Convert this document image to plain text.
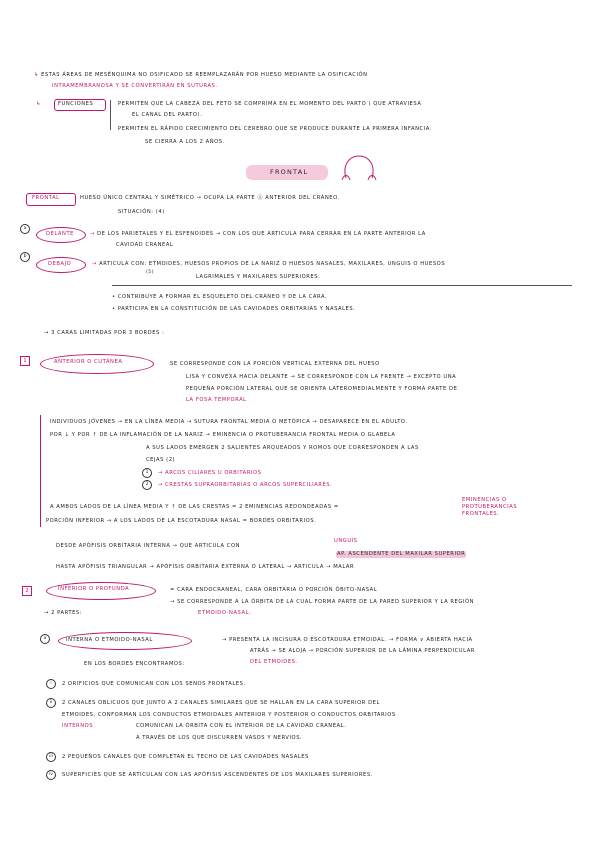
↳ ESTAS ÁREAS DE MESÉNQUIMA NO OSIFICADO SE REEMPLAZARÁN POR HUESO MEDIANTE LA OSIFICACIÓN
INTRAMEMBRANOSA Y SE CONVERTIRÁN EN SUTURAS.
↳	FUNCIONES	PERMITEN QUE LA CABEZA DEL FETO SE COMPRIMA EN EL MOMENTO DEL PARTO ( QUE ATRAVIESA
EL CANAL DEL PARTO).
PERMITEN EL RÁPIDO CRECIMIENTO DEL CEREBRO QUE SE PRODUCE DURANTE LA PRIMERA INFANCIA.
SE CIERRA A LOS 2 AÑOS.
FRONTAL
FRONTAL	HUESO ÚNICO CENTRAL Y SIMÉTRICO → OCUPA LA PARTE Ⓐ ANTERIOR DEL CRÁNEO.
SITUACIÓN: (4)
a
DELANTE	→ DE LOS PARIETALES Y EL ESFENOIDES → CON LOS QUE ARTICULA PARA CERRAR EN LA PARTE ANTERIOR LA
CAVIDAD CRANEAL
b
DEBAJO	→ ARTICULA CON: ETMOIDES, HUESOS PROPIOS DE LA NARIZ O HUESOS NASALES, MAXILARES, UNGUIS O HUESOS
(5)
LAGRIMALES Y MAXILARES SUPERIORES.
• CONTRIBUYE A FORMAR EL ESQUELETO DEL CRÁNEO Y DE LA CARA.
• PARTICIPA EN LA CONSTITUCIÓN DE LAS CAVIDADES ORBITARIAS Y NASALES.
→ 3 CARAS LIMITADAS POR 3 BORDES :
1	ANTERIOR O CUTÁNEA	SE CORRESPONDE CON LA PORCIÓN VERTICAL EXTERNA DEL HUESO
LISA Y CONVEXA HACIA DELANTE → SE CORRESPONDE CON LA FRENTE → EXCEPTO UNA
PEQUEÑA PORCIÓN LATERAL QUE SE ORIENTA LATEROMEDIALMENTE Y FORMA PARTE DE
LA FOSA TEMPORAL
INDIVIDUOS JÓVENES → EN LA LÍNEA MEDIA → SUTURA FRONTAL MEDIA O METÓPICA → DESAPARECE EN EL ADULTO.
POR ↓ Y POR ↑ DE LA INFLAMACIÓN DE LA NARIZ → EMINENCIA O PROTUBERANCIA FRONTAL MEDIA O GLABELA
A SUS LADOS EMERGEN 2 SALIENTES ARQUEADOS Y ROMOS QUE CORRESPONDEN A LAS
CEJAS (2)
1	→ ARCOS CILIARES U ORBITARIOS
2	→ CRESTAS SUPRAORBITARIAS O ARCOS SUPERCILIARES.
A AMBOS LADOS DE LA LÍNEA MEDIA Y ↑ DE LAS CRESTAS = 2 EMINENCIAS REDONDEADAS =
EMINENCIAS O PROTUBERANCIAS FRONTALES.
PORCIÓN INFERIOR → A LOS LADOS DE LA ESCOTADURA NASAL = BORDES ORBITARIOS.
DESDE APÓFISIS ORBITARIA INTERNA → QUE ARTICULA CON
UNGUIS
AP. ASCENDENTE DEL MAXILAR SUPERIOR
HASTA APÓFISIS TRIANGULAR → APÓFISIS ORBITARIA EXTERNA O LATERAL → ARTICULA → MALAR
2	INFERIOR O PROFUNDA	= CARA ENDOCRANEAL, CARA ORBITARIA O PORCIÓN ÓBITO-NASAL
→ SE CORRESPONDE A LA ÓRBITA DE LA CUAL FORMA PARTE DE LA PARED SUPERIOR Y LA REGIÓN
ETMOIDO-NASAL.
→ 2 PARTES:
a	INTERNA O ETMOIDO-NASAL	→ PRESENTA LA INCISURA O ESCOTADURA ETMOIDAL. → FORMA ∨ ABIERTA HACIA
ATRÁS → SE ALOJA → PORCIÓN SUPERIOR DE LA LÁMINA PERPENDICULAR
DEL ETMOIDES.
EN LOS BORDES ENCONTRAMOS:
i	2 ORIFICIOS QUE COMUNICAN CON LOS SENOS FRONTALES.
ii	2 CANALES OBLICUOS QUE JUNTO A 2 CANALES SIMILARES QUE SE HALLAN EN LA CARA SUPERIOR DEL
ETMOIDES, CONFORMAN LOS CONDUCTOS ETMOIDALES ANTERIOR Y POSTERIOR O CONDUCTOS ORBITARIOS
INTERNOS	COMUNICAN LA ÓRBITA CON EL INTERIOR DE LA CAVIDAD CRANEAL.
A TRAVÉS DE LOS QUE DISCURREN VASOS Y NERVIOS.
iii	2 PEQUEÑOS CANALES QUE COMPLETAN EL TECHO DE LAS CAVIDADES NASALES
iv	SUPERFICIES QUE SE ARTICULAN CON LAS APÓFISIS ASCENDENTES DE LOS MAXILARES SUPERIORES.
